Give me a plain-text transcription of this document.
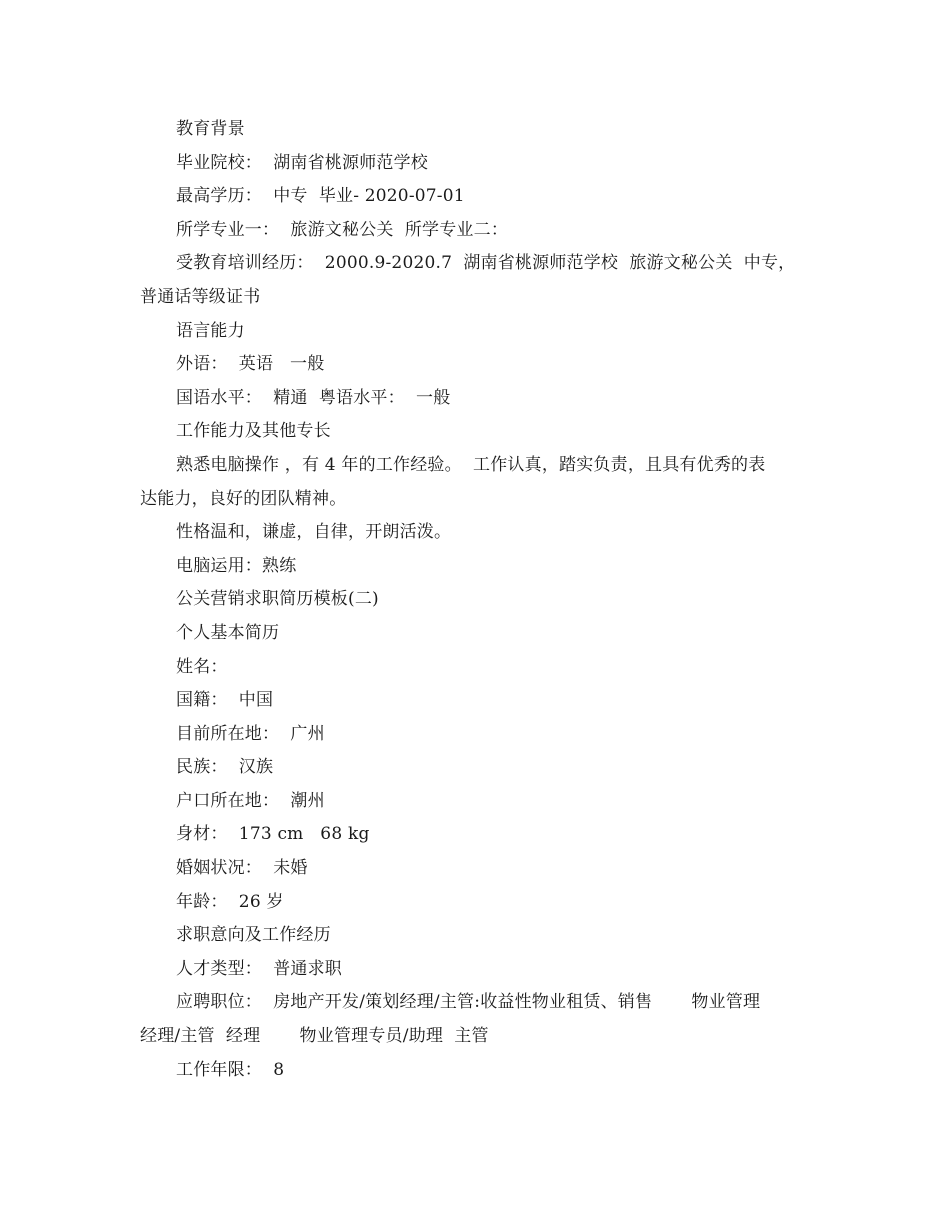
教育背景
毕业院校：  湖南省桃源师范学校
最高学历：  中专  毕业- 2020-07-01
所学专业一：  旅游文秘公关  所学专业二：
受教育培训经历：  2000.9-2020.7  湖南省桃源师范学校  旅游文秘公关  中专，
普通话等级证书
语言能力
外语：  英语   一般
国语水平：  精通  粤语水平：  一般
工作能力及其他专长
熟悉电脑操作 ，有 4 年的工作经验。  工作认真，踏实负责，且具有优秀的表
达能力，良好的团队精神。
性格温和，谦虚，自律，开朗活泼。
电脑运用：熟练
公关营销求职简历模板(二)
个人基本简历
姓名：
国籍：  中国
目前所在地：  广州
民族：  汉族
户口所在地：  潮州
身材：  173 cm   68 kg
婚姻状况：  未婚
年龄：  26 岁
求职意向及工作经历
人才类型：  普通求职
应聘职位：  房地产开发/策划经理/主管:收益性物业租赁、销售       物业管理
经理/主管  经理       物业管理专员/助理  主管
工作年限：  8
